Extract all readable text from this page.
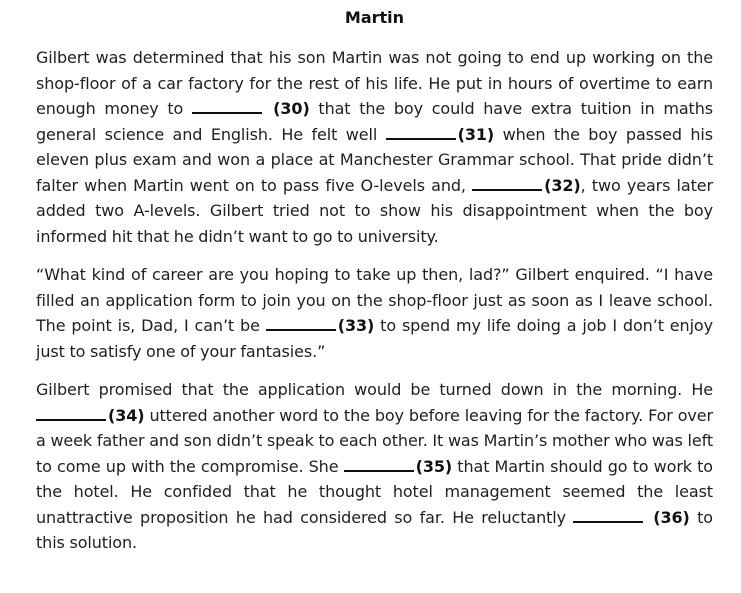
Martin

Gilbert was determined that his son Martin was not going to end up working on the shop-floor of a car factory for the rest of his life. He put in hours of overtime to earn enough money to	(30) that the boy could have extra tuition in maths general science and English. He felt well	(31) when the boy passed his eleven plus exam and won a place at Manchester Grammar school. That pride didn’t falter when Martin went on to pass five O-levels and,	(32), two years later added two A-levels. Gilbert tried not to show his disappointment when the boy informed hit that he didn’t want to go to university.

“What kind of career are you hoping to take up then, lad?” Gilbert enquired. “I have filled an application form to join you on the shop-floor just as soon as I leave school. The point is, Dad, I can’t be	(33) to spend my life doing a job I don’t enjoy just to satisfy one of your fantasies.”

Gilbert promised that the application would be turned down in the morning. He (34) uttered another word to the boy before leaving for the factory. For over a week father and son didn’t speak to each other. It was Martin’s mother who was left to come up with the compromise. She	(35) that Martin should go to work to the hotel. He confided that he thought hotel management seemed the least unattractive proposition he had considered so far. He reluctantly	(36) to this solution.
